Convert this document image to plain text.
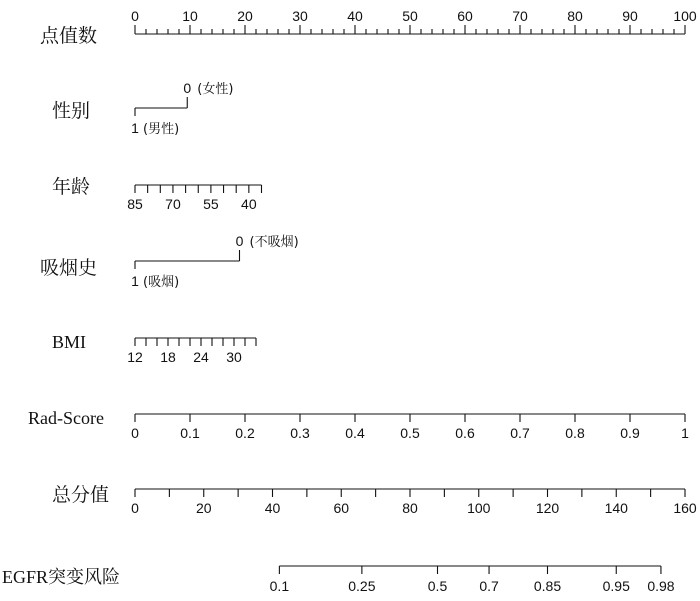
点值数
性别
年龄
吸烟史
BMI
Rad-Score
总分值
EGFR突变风险
0	10	20	30	40	50	60	70	80	90	100
1 (男性)
0 (女性)
85 70 55 40
1 (吸烟)
0 (不吸烟)
12 18 24 30
0	0.1	0.2	0.3	0.4	0.5	0.6	0.7	0.8	0.9	1
0	20	40	60	80	100	120	140	160
0.1	0.25	0.5 0.7	0.85	0.95 0.98
